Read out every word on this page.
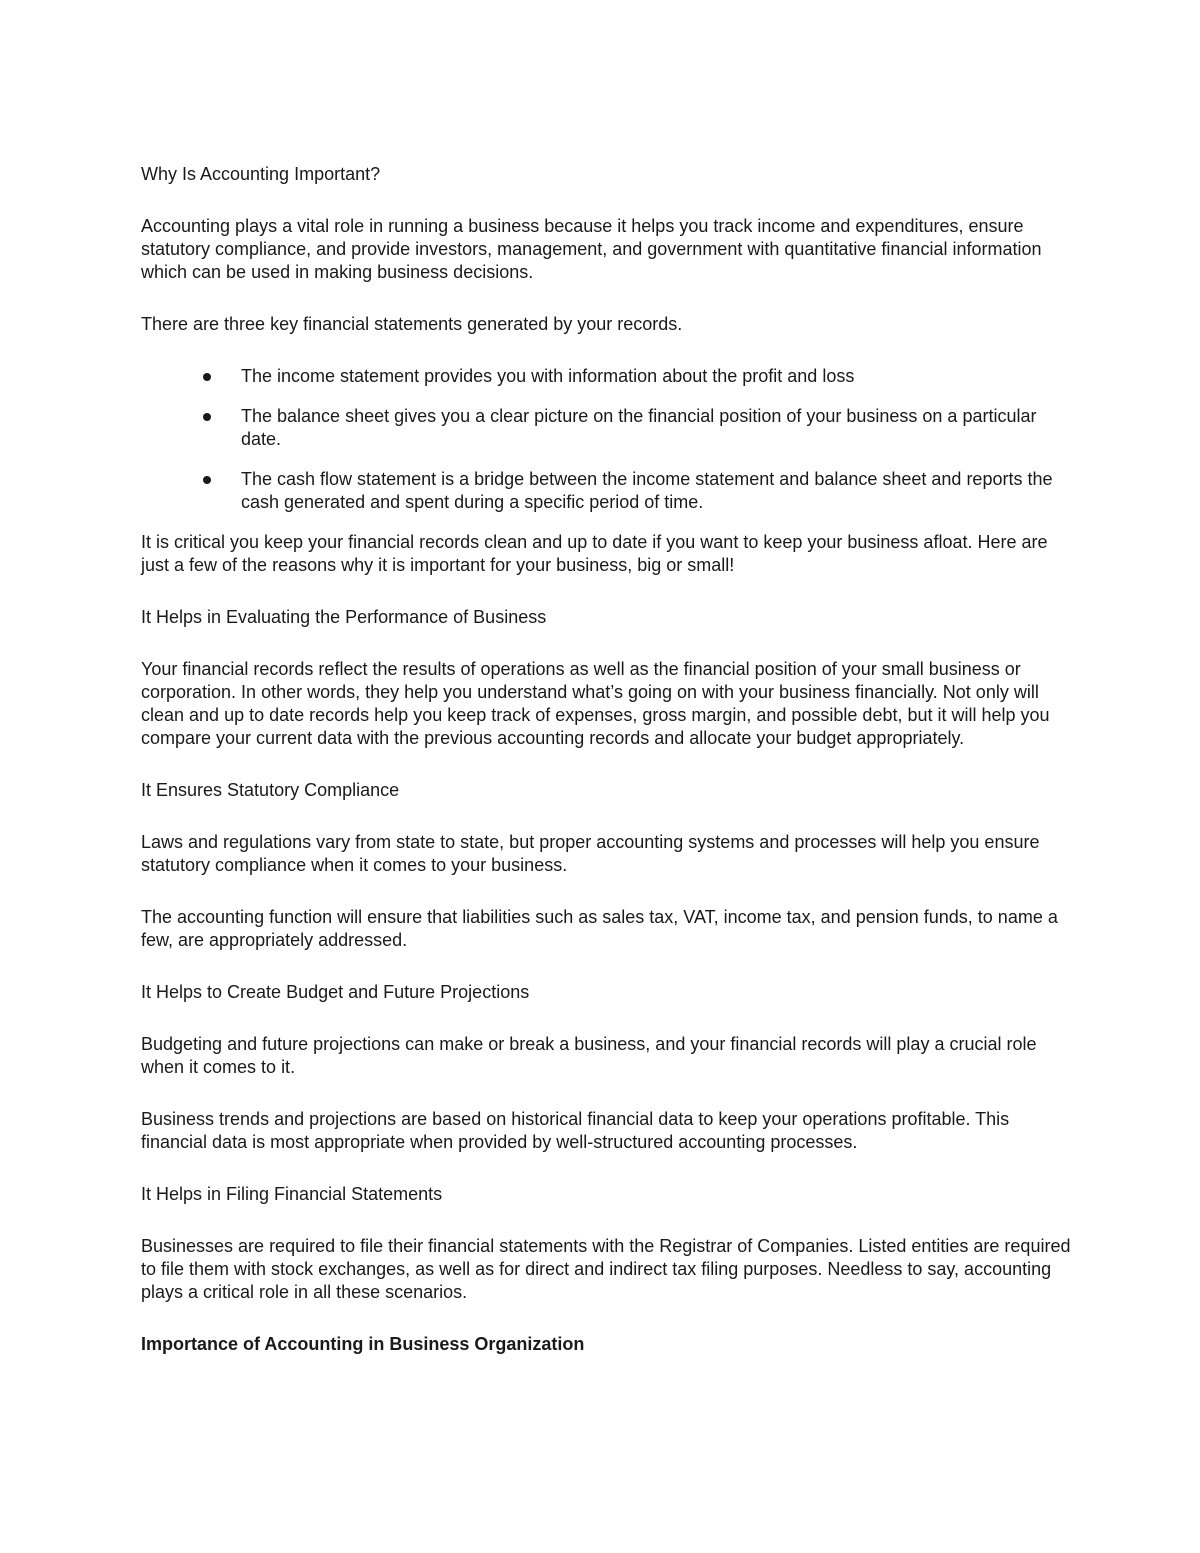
Why Is Accounting Important?

Accounting plays a vital role in running a business because it helps you track income and expenditures, ensure statutory compliance, and provide investors, management, and government with quantitative financial information which can be used in making business decisions.

There are three key financial statements generated by your records.

The income statement provides you with information about the profit and loss
The balance sheet gives you a clear picture on the financial position of your business on a particular date.
The cash flow statement is a bridge between the income statement and balance sheet and reports the cash generated and spent during a specific period of time.

It is critical you keep your financial records clean and up to date if you want to keep your business afloat. Here are just a few of the reasons why it is important for your business, big or small!

It Helps in Evaluating the Performance of Business

Your financial records reflect the results of operations as well as the financial position of your small business or corporation. In other words, they help you understand what’s going on with your business financially. Not only will clean and up to date records help you keep track of expenses, gross margin, and possible debt, but it will help you compare your current data with the previous accounting records and allocate your budget appropriately.

It Ensures Statutory Compliance

Laws and regulations vary from state to state, but proper accounting systems and processes will help you ensure statutory compliance when it comes to your business.

The accounting function will ensure that liabilities such as sales tax, VAT, income tax, and pension funds, to name a few, are appropriately addressed.

It Helps to Create Budget and Future Projections

Budgeting and future projections can make or break a business, and your financial records will play a crucial role when it comes to it.

Business trends and projections are based on historical financial data to keep your operations profitable. This financial data is most appropriate when provided by well-structured accounting processes.

It Helps in Filing Financial Statements

Businesses are required to file their financial statements with the Registrar of Companies. Listed entities are required to file them with stock exchanges, as well as for direct and indirect tax filing purposes. Needless to say, accounting plays a critical role in all these scenarios.

Importance of Accounting in Business Organization
